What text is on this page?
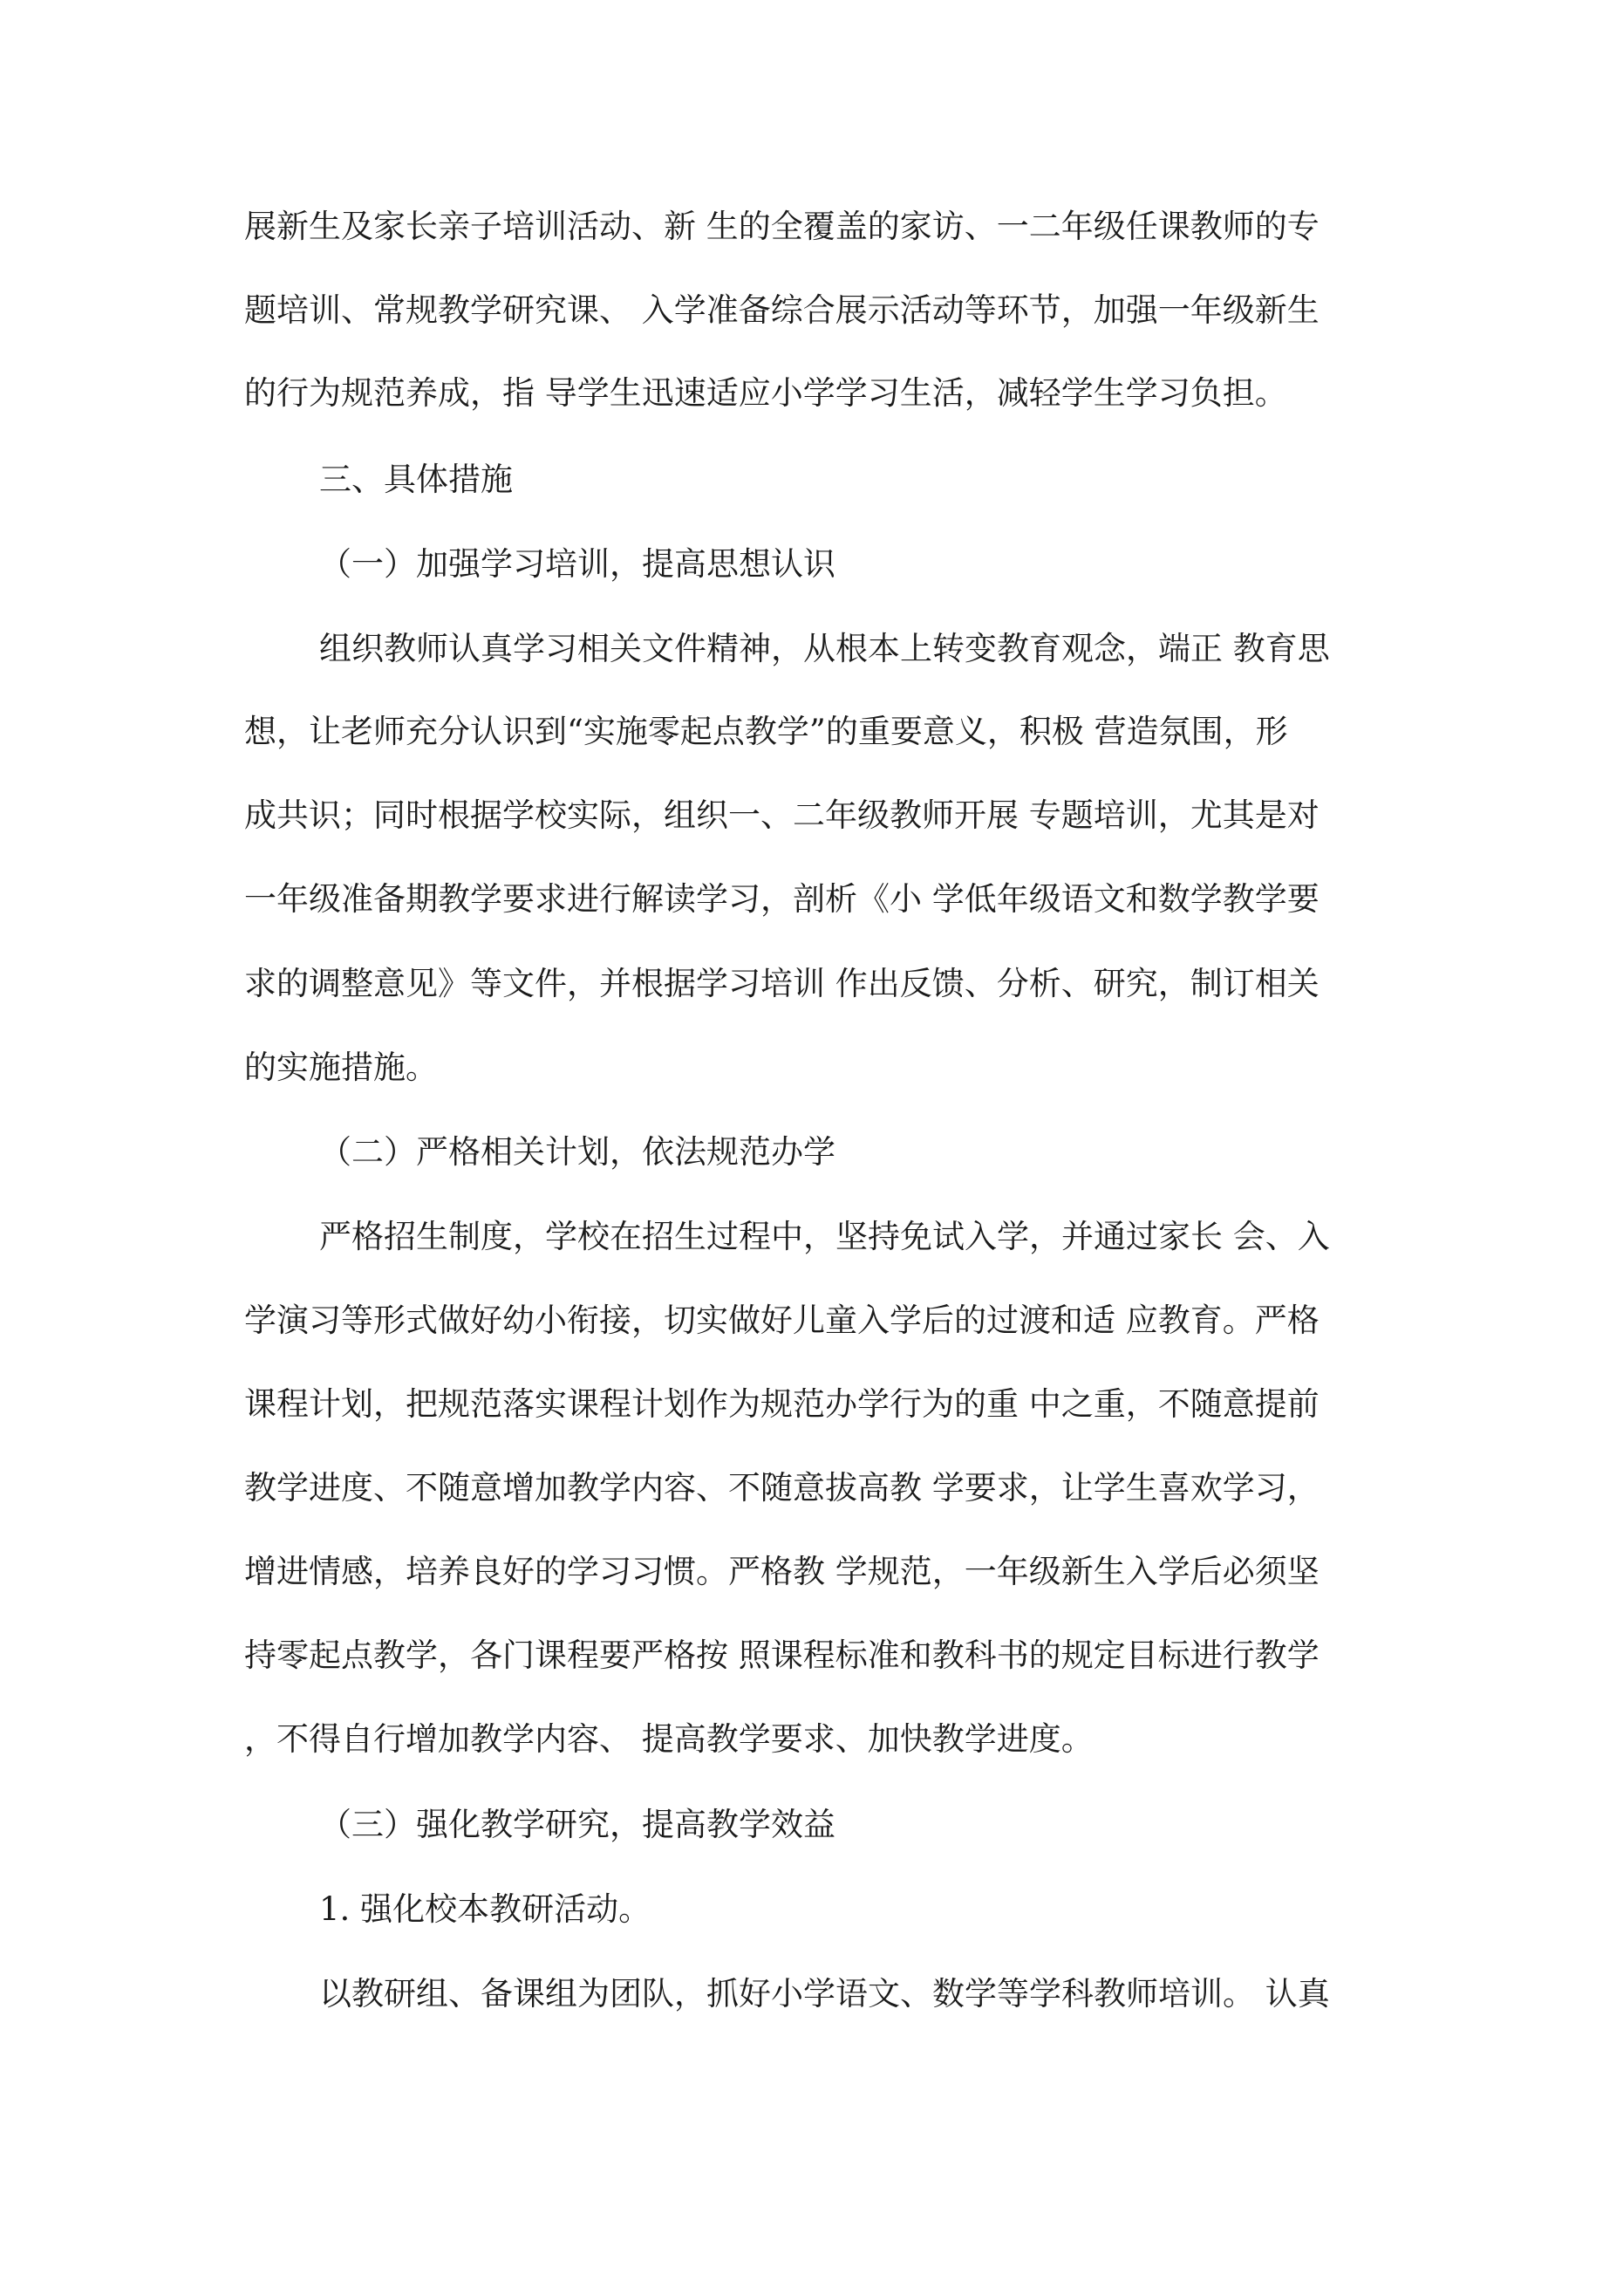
展新生及家长亲子培训活动、新 生的全覆盖的家访、一二年级任课教师的专
题培训、常规教学研究课、 入学准备综合展示活动等环节，加强一年级新生
的行为规范养成，指 导学生迅速适应小学学习生活，减轻学生学习负担。
三、具体措施
（一）加强学习培训，提高思想认识
组织教师认真学习相关文件精神，从根本上转变教育观念，端正 教育思
想，让老师充分认识到“实施零起点教学”的重要意义，积极 营造氛围，形
成共识；同时根据学校实际，组织一、二年级教师开展 专题培训，尤其是对
一年级准备期教学要求进行解读学习，剖析《小 学低年级语文和数学教学要
求的调整意见》等文件，并根据学习培训 作出反馈、分析、研究，制订相关
的实施措施。
（二）严格相关计划，依法规范办学
严格招生制度，学校在招生过程中，坚持免试入学，并通过家长 会、入
学演习等形式做好幼小衔接，切实做好儿童入学后的过渡和适 应教育。严格
课程计划，把规范落实课程计划作为规范办学行为的重 中之重，不随意提前
教学进度、不随意增加教学内容、不随意拔高教 学要求，让学生喜欢学习，
增进情感，培养良好的学习习惯。严格教 学规范，一年级新生入学后必须坚
持零起点教学，各门课程要严格按 照课程标准和教科书的规定目标进行教学
，不得自行增加教学内容、 提高教学要求、加快教学进度。
（三）强化教学研究，提高教学效益
1. 强化校本教研活动。
以教研组、备课组为团队，抓好小学语文、数学等学科教师培训。 认真
